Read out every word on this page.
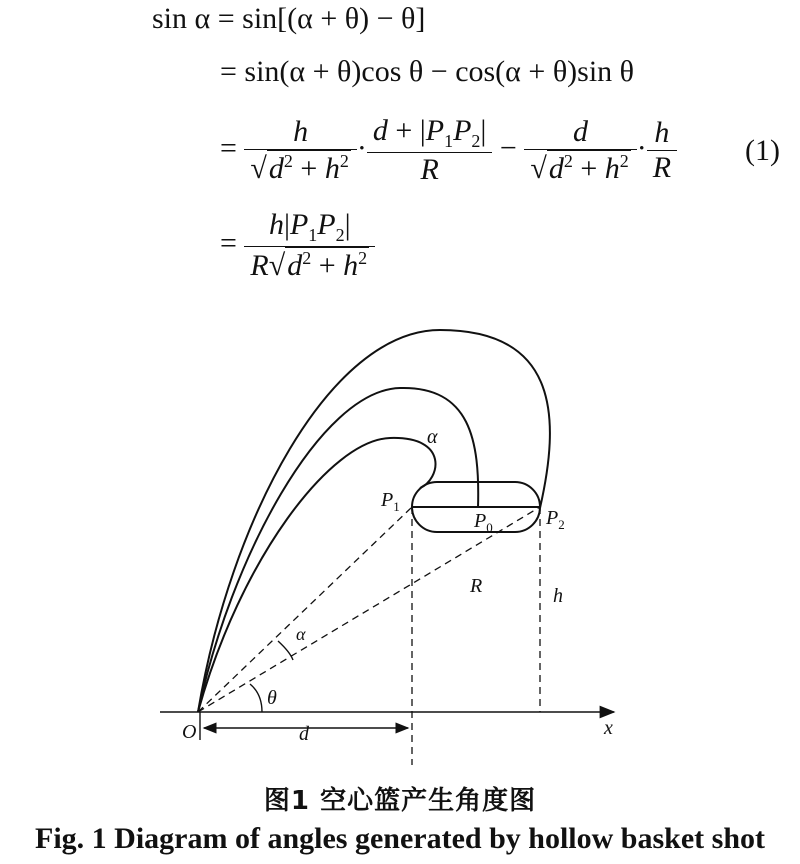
sin α = sin[(α + θ) − θ]
= sin(α + θ)cos θ − cos(α + θ)sin θ
= $\frac{h}{√d^2 + h^2} \cdot \frac{d + |P_1P_2|}{R} - \frac{d}{√d^2 + h^2} \cdot \frac{h}{R} (1)$
= $\frac{h|P_1P_2|}{R√d^2 + h^2}$
α
$P_1$
$P_0$	$P_2$
R	h
α
θ
O	d	x
图1 空心篮产生角度图
Fig. 1 Diagram of angles generated by hollow basket shot
